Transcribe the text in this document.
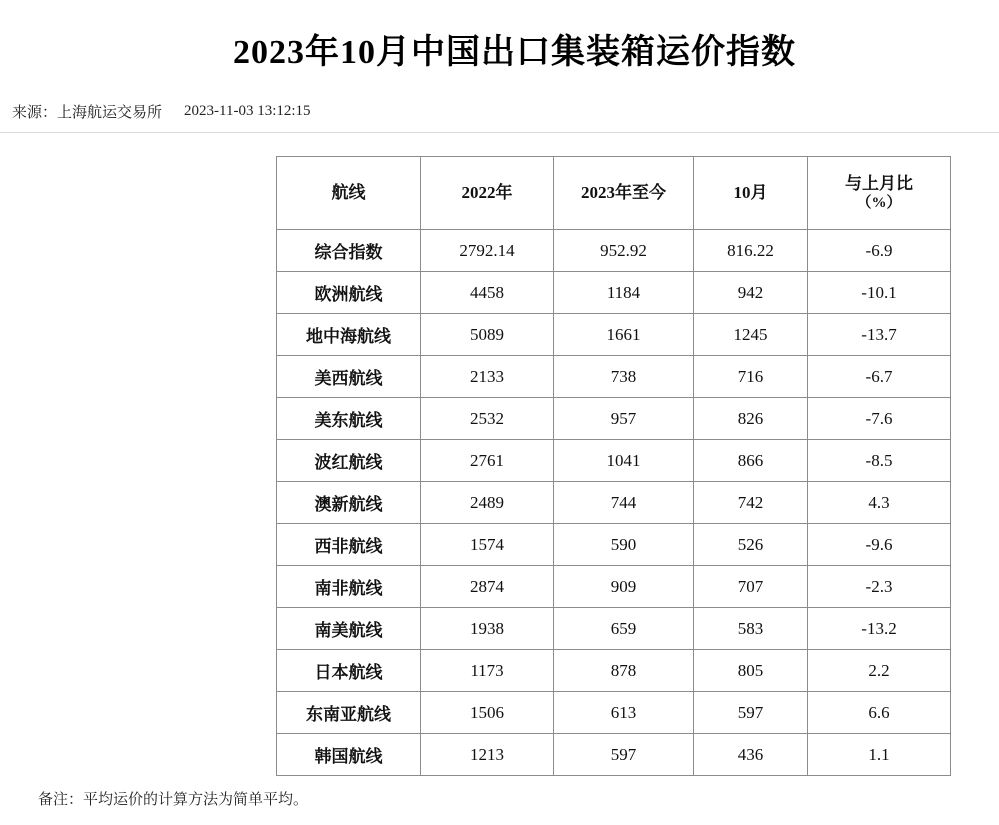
2023年10月中国出口集装箱运价指数
来源： 上海航运交易所 2023-11-03 13:12:15
航线	2022年	2023年至今	10月	与上月比
（%）

综合指数	2792.14	952.92	816.22	-6.9
欧洲航线	4458	1184	942	-10.1
地中海航线	5089	1661	1245	-13.7
美西航线	2133	738	716	-6.7
美东航线	2532	957	826	-7.6
波红航线	2761	1041	866	-8.5
澳新航线	2489	744	742	4.3
西非航线	1574	590	526	-9.6
南非航线	2874	909	707	-2.3
南美航线	1938	659	583	-13.2
日本航线	1173	878	805	2.2
东南亚航线	1506	613	597	6.6
韩国航线	1213	597	436	1.1
备注：平均运价的计算方法为简单平均。
